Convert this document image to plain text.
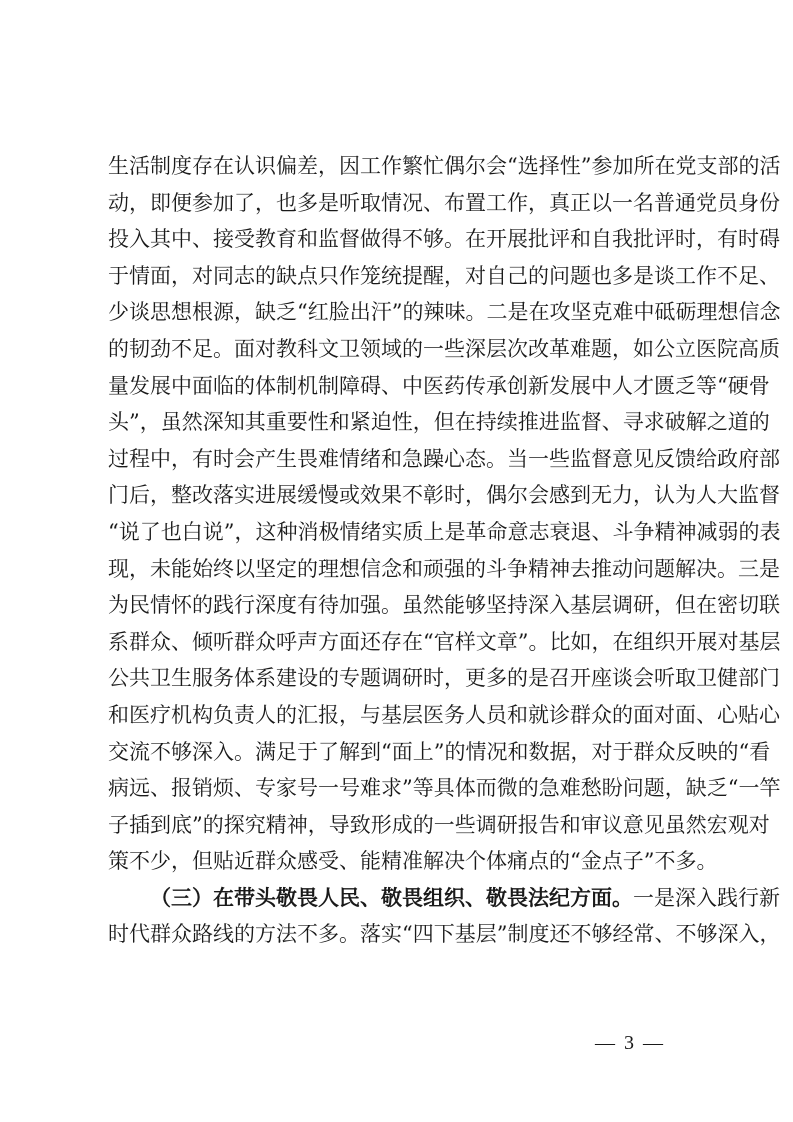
生活制度存在认识偏差，因工作繁忙偶尔会“选择性”参加所在党支部的活
动，即便参加了，也多是听取情况、布置工作，真正以一名普通党员身份
投入其中、接受教育和监督做得不够。在开展批评和自我批评时，有时碍
于情面，对同志的缺点只作笼统提醒，对自己的问题也多是谈工作不足、
少谈思想根源，缺乏“红脸出汗”的辣味。二是在攻坚克难中砥砺理想信念
的韧劲不足。面对教科文卫领域的一些深层次改革难题，如公立医院高质
量发展中面临的体制机制障碍、中医药传承创新发展中人才匮乏等“硬骨
头”，虽然深知其重要性和紧迫性，但在持续推进监督、寻求破解之道的
过程中，有时会产生畏难情绪和急躁心态。当一些监督意见反馈给政府部
门后，整改落实进展缓慢或效果不彰时，偶尔会感到无力，认为人大监督
“说了也白说”，这种消极情绪实质上是革命意志衰退、斗争精神减弱的表
现，未能始终以坚定的理想信念和顽强的斗争精神去推动问题解决。三是
为民情怀的践行深度有待加强。虽然能够坚持深入基层调研，但在密切联
系群众、倾听群众呼声方面还存在“官样文章”。比如，在组织开展对基层
公共卫生服务体系建设的专题调研时，更多的是召开座谈会听取卫健部门
和医疗机构负责人的汇报，与基层医务人员和就诊群众的面对面、心贴心
交流不够深入。满足于了解到“面上”的情况和数据，对于群众反映的“看
病远、报销烦、专家号一号难求”等具体而微的急难愁盼问题，缺乏“一竿
子插到底”的探究精神，导致形成的一些调研报告和审议意见虽然宏观对
策不少，但贴近群众感受、能精准解决个体痛点的“金点子”不多。
（三）在带头敬畏人民、敬畏组织、敬畏法纪方面。一是深入践行新
时代群众路线的方法不多。落实“四下基层”制度还不够经常、不够深入，
— 3 —
